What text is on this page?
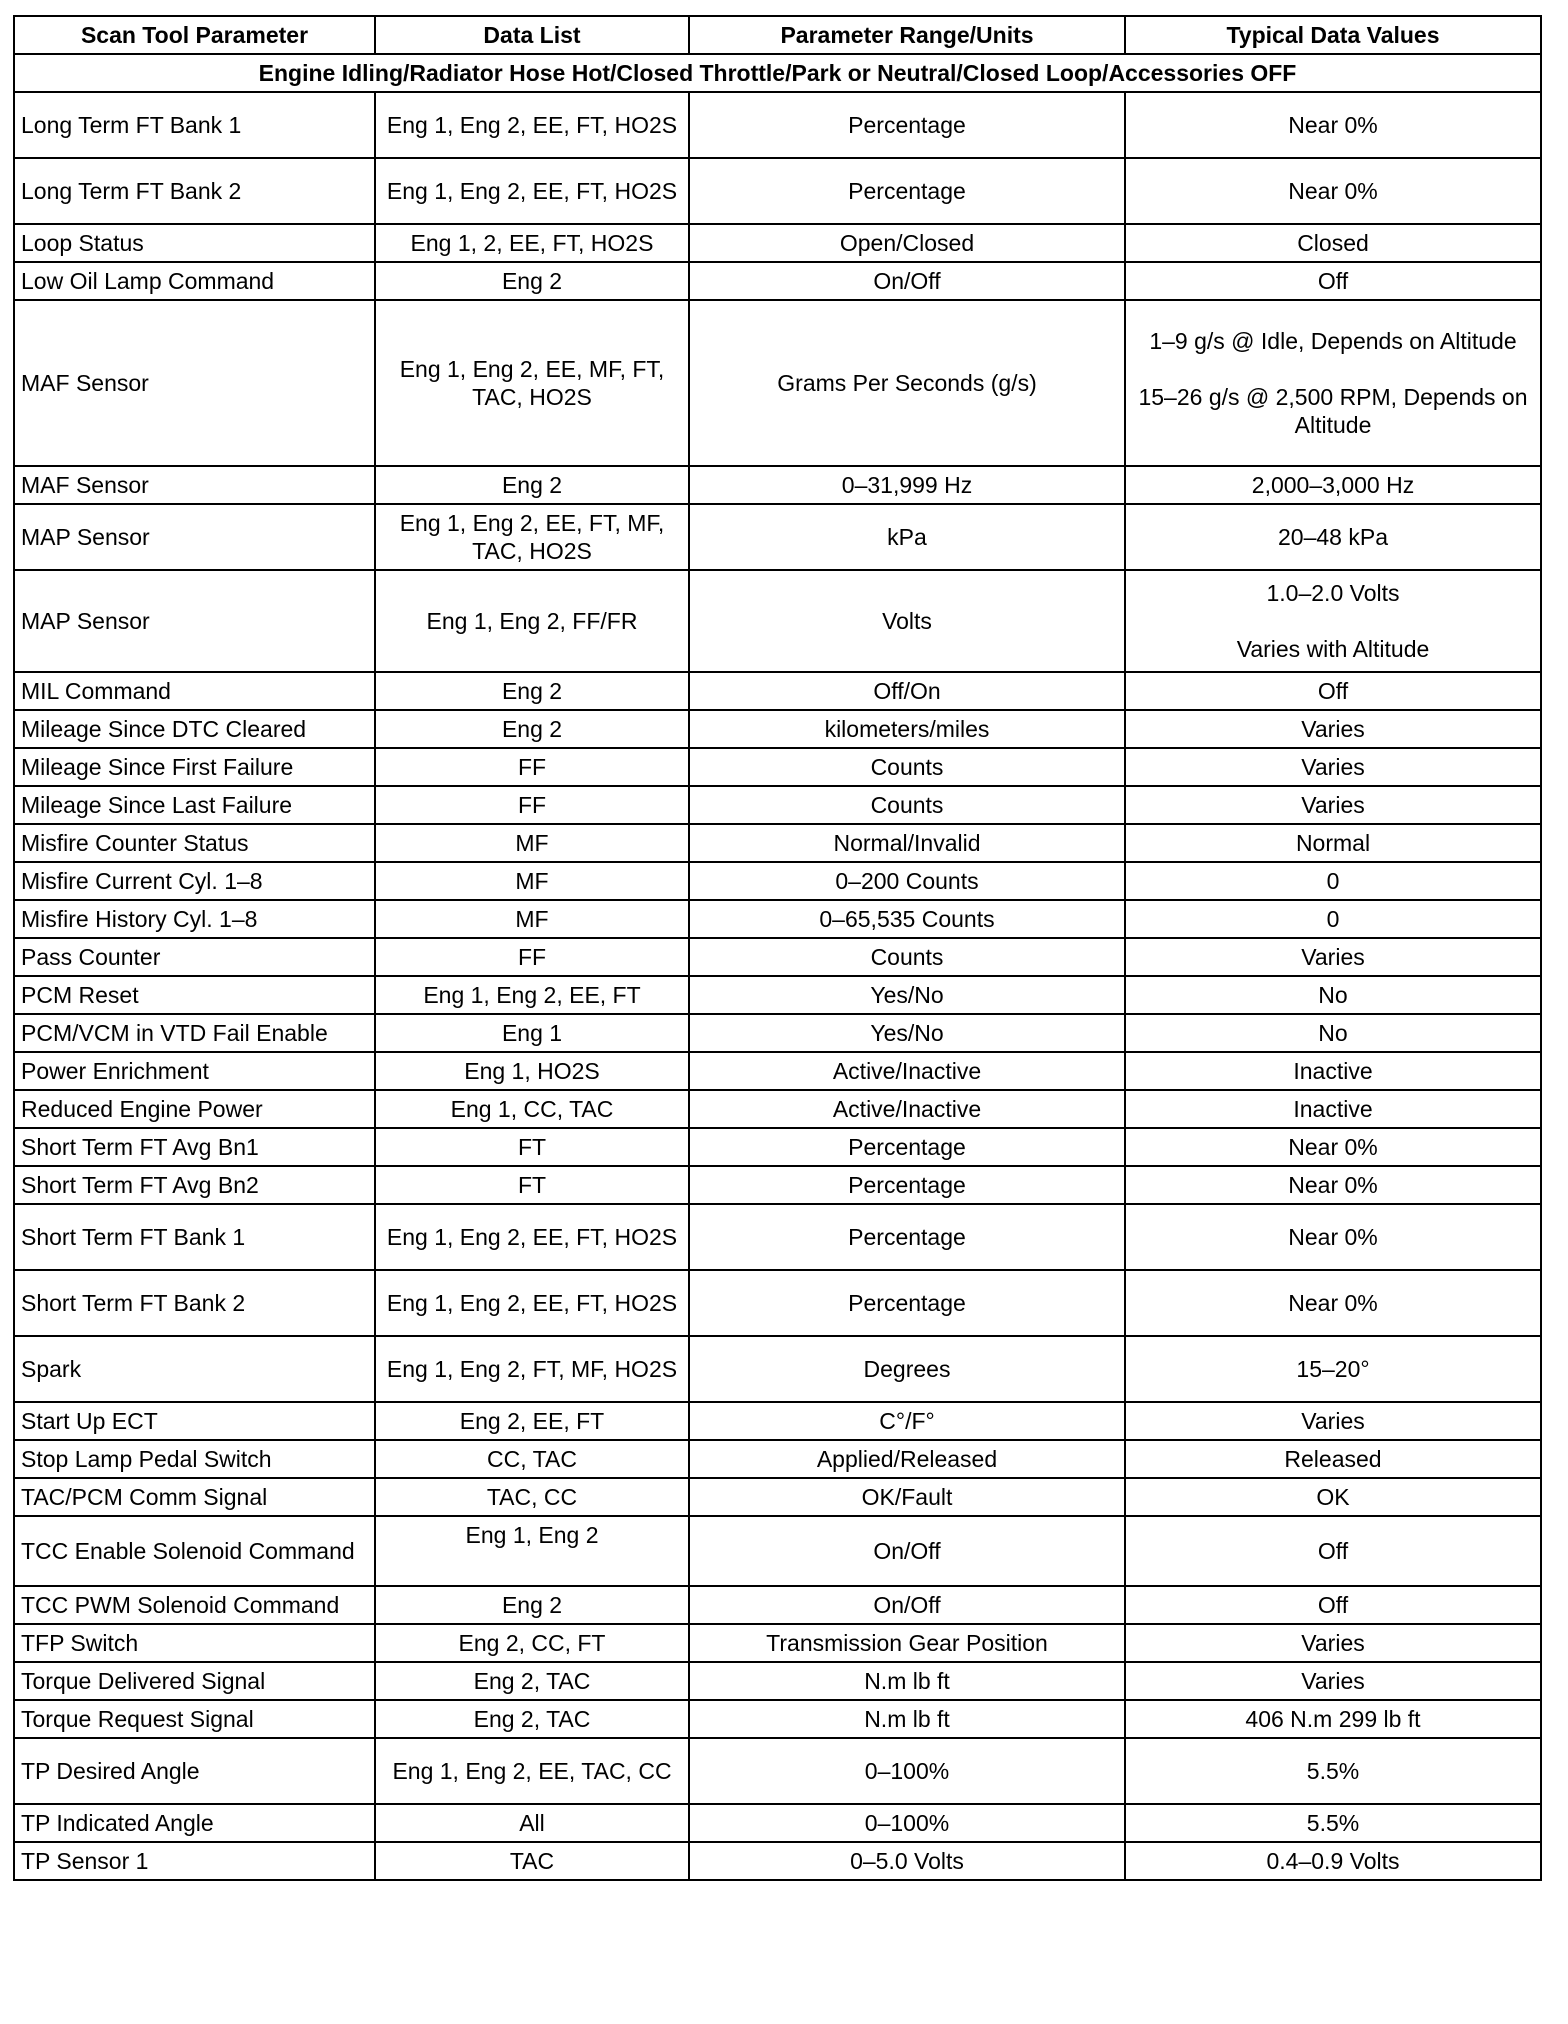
Scan Tool Parameter	Data List	Parameter Range/Units	Typical Data Values
Engine Idling/Radiator Hose Hot/Closed Throttle/Park or Neutral/Closed Loop/Accessories OFF			
Long Term FT Bank 1	Eng 1, Eng 2, EE, FT, HO2S	Percentage	Near 0%
Long Term FT Bank 2	Eng 1, Eng 2, EE, FT, HO2S	Percentage	Near 0%
Loop Status	Eng 1, 2, EE, FT, HO2S	Open/Closed	Closed
Low Oil Lamp Command	Eng 2	On/Off	Off
MAF Sensor	Eng 1, Eng 2, EE, MF, FT, TAC, HO2S	Grams Per Seconds (g/s)	1–9 g/s @ Idle, Depends on Altitude
15–26 g/s @ 2,500 RPM, Depends on Altitude

MAF Sensor	Eng 2	0–31,999 Hz	2,000–3,000 Hz
MAP Sensor	Eng 1, Eng 2, EE, FT, MF, TAC, HO2S	kPa	20–48 kPa
MAP Sensor	Eng 1, Eng 2, FF/FR	Volts	1.0–2.0 Volts
Varies with Altitude

MIL Command	Eng 2	Off/On	Off
Mileage Since DTC Cleared	Eng 2	kilometers/miles	Varies
Mileage Since First Failure	FF	Counts	Varies
Mileage Since Last Failure	FF	Counts	Varies
Misfire Counter Status	MF	Normal/Invalid	Normal
Misfire Current Cyl. 1–8	MF	0–200 Counts	0
Misfire History Cyl. 1–8	MF	0–65,535 Counts	0
Pass Counter	FF	Counts	Varies
PCM Reset	Eng 1, Eng 2, EE, FT	Yes/No	No
PCM/VCM in VTD Fail Enable	Eng 1	Yes/No	No
Power Enrichment	Eng 1, HO2S	Active/Inactive	Inactive
Reduced Engine Power	Eng 1, CC, TAC	Active/Inactive	Inactive
Short Term FT Avg Bn1	FT	Percentage	Near 0%
Short Term FT Avg Bn2	FT	Percentage	Near 0%
Short Term FT Bank 1	Eng 1, Eng 2, EE, FT, HO2S	Percentage	Near 0%
Short Term FT Bank 2	Eng 1, Eng 2, EE, FT, HO2S	Percentage	Near 0%
Spark	Eng 1, Eng 2, FT, MF, HO2S	Degrees	15–20°
Start Up ECT	Eng 2, EE, FT	C°/F°	Varies
Stop Lamp Pedal Switch	CC, TAC	Applied/Released	Released
TAC/PCM Comm Signal	TAC, CC	OK/Fault	OK
TCC Enable Solenoid Command	Eng 1, Eng 2	On/Off	Off
TCC PWM Solenoid Command	Eng 2	On/Off	Off
TFP Switch	Eng 2, CC, FT	Transmission Gear Position	Varies
Torque Delivered Signal	Eng 2, TAC	N.m lb ft	Varies
Torque Request Signal	Eng 2, TAC	N.m lb ft	406 N.m 299 lb ft
TP Desired Angle	Eng 1, Eng 2, EE, TAC, CC	0–100%	5.5%
TP Indicated Angle	All	0–100%	5.5%
TP Sensor 1	TAC	0–5.0 Volts	0.4–0.9 Volts
